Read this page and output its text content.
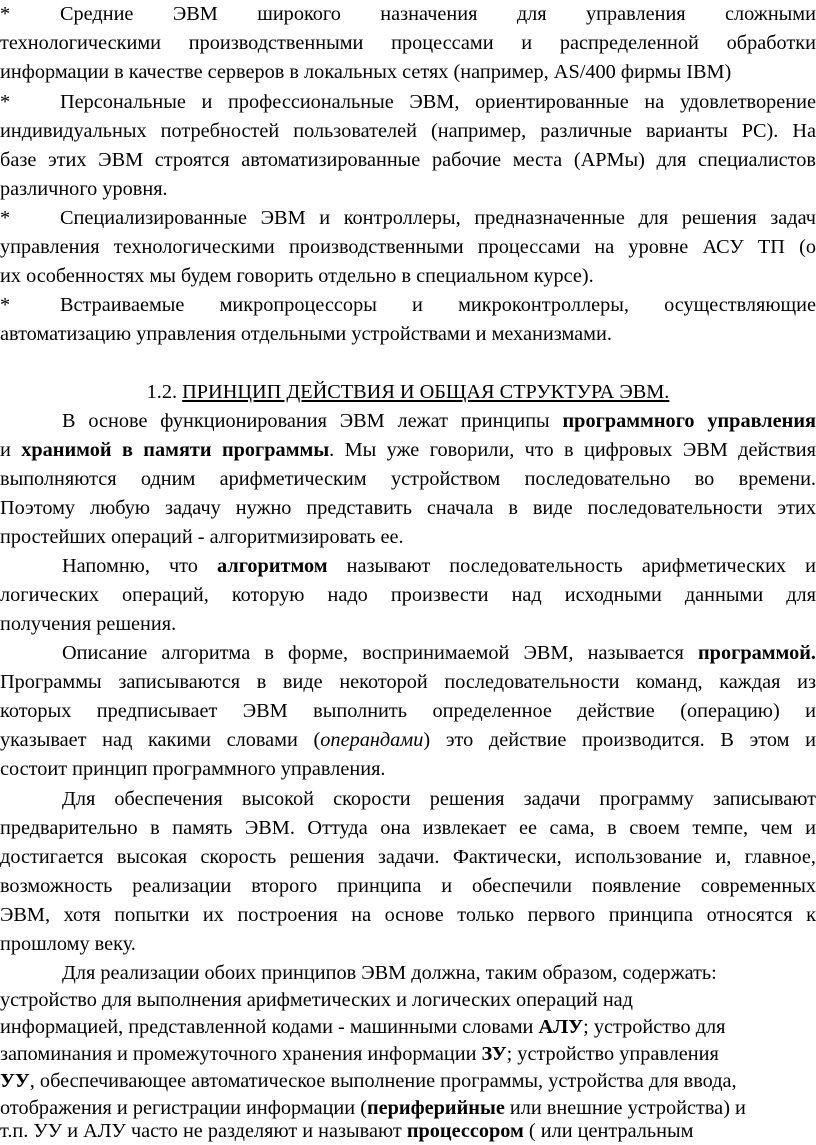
* Средние ЭВМ широкого назначения для управления сложными
технологическими производственными процессами и распределенной обработки
информации в качестве серверов в локальных сетях (например, AS/400 фирмы IBM)
* Персональные и профессиональные ЭВМ, ориентированные на удовлетворение
индивидуальных потребностей пользователей (например, различные варианты PC). На
базе этих ЭВМ строятся автоматизированные рабочие места (АРМы) для специалистов
различного уровня.
* Специализированные ЭВМ и контроллеры, предназначенные для решения задач
управления технологическими производственными процессами на уровне АСУ ТП (о
их особенностях мы будем говорить отдельно в специальном курсе).
* Встраиваемые микропроцессоры и микроконтроллеры, осуществляющие
автоматизацию управления отдельными устройствами и механизмами.
1.2. ПРИНЦИП ДЕЙСТВИЯ И ОБЩАЯ СТРУКТУРА ЭВМ.
В основе функционирования ЭВМ лежат принципы программного управления
и хранимой в памяти программы. Мы уже говорили, что в цифровых ЭВМ действия
выполняются одним арифметическим устройством последовательно во времени.
Поэтому любую задачу нужно представить сначала в виде последовательности этих
простейших операций - алгоритмизировать ее.
Напомню, что алгоритмом называют последовательность арифметических и
логических операций, которую надо произвести над исходными данными для
получения решения.
Описание алгоритма в форме, воспринимаемой ЭВМ, называется программой.
Программы записываются в виде некоторой последовательности команд, каждая из
которых предписывает ЭВМ выполнить определенное действие (операцию) и
указывает над какими словами (операндами) это действие производится. В этом и
состоит принцип программного управления.
Для обеспечения высокой скорости решения задачи программу записывают
предварительно в память ЭВМ. Оттуда она извлекает ее сама, в своем темпе, чем и
достигается высокая скорость решения задачи. Фактически, использование и, главное,
возможность реализации второго принципа и обеспечили появление современных
ЭВМ, хотя попытки их построения на основе только первого принципа относятся к
прошлому веку.
Для реализации обоих принципов ЭВМ должна, таким образом, содержать:
устройство для выполнения арифметических и логических операций над
информацией, представленной кодами - машинными словами АЛУ; устройство для
запоминания и промежуточного хранения информации ЗУ; устройство управления
УУ, обеспечивающее автоматическое выполнение программы, устройства для ввода,
отображения и регистрации информации (периферийные или внешние устройства) и
т.п. УУ и АЛУ часто не разделяют и называют процессором ( или центральным
